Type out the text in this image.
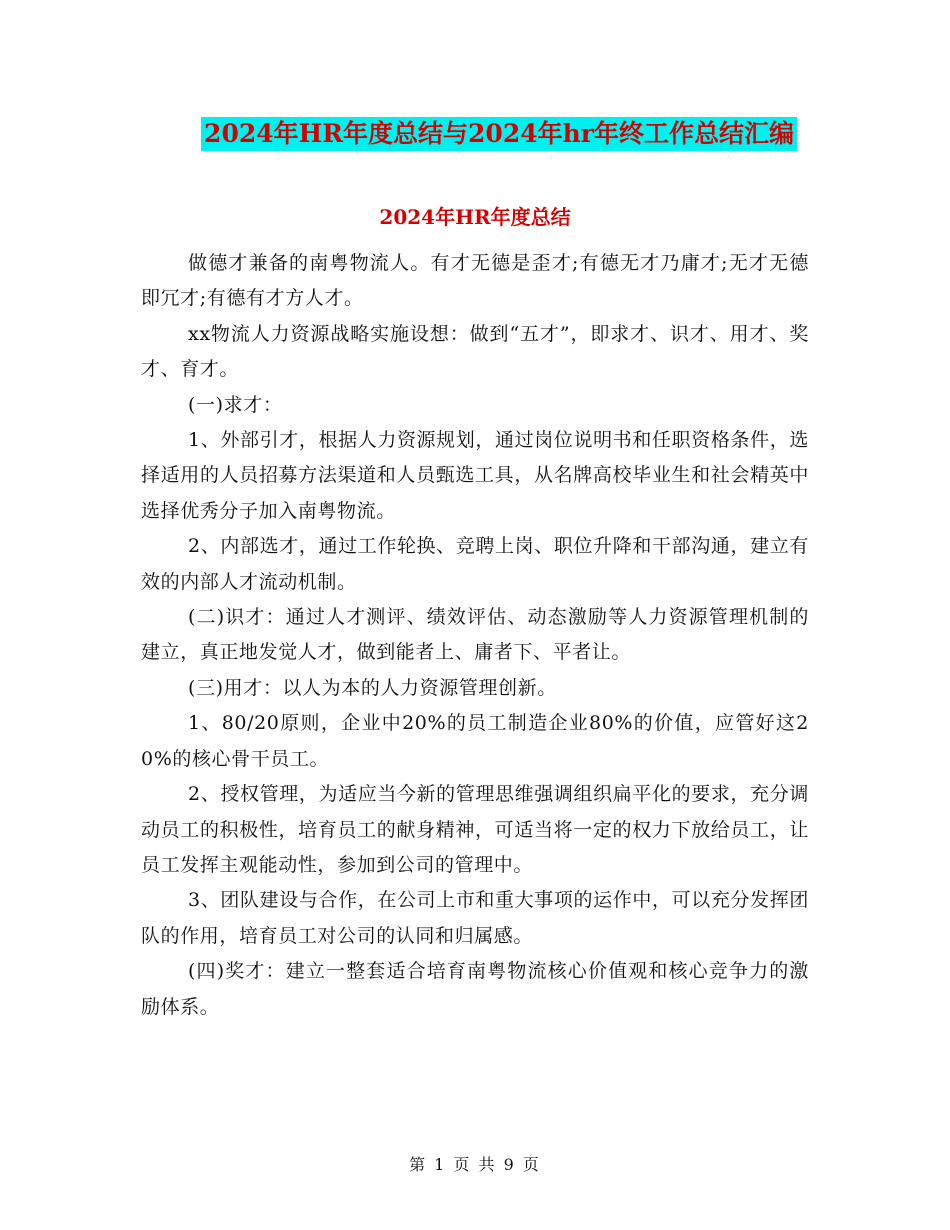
2024年HR年度总结与2024年hr年终工作总结汇编
2024年HR年度总结

做德才兼备的南粤物流人。有才无德是歪才;有德无才乃庸才;无才无德即冗才;有德有才方人才。

xx物流人力资源战略实施设想：做到“五才”，即求才、识才、用才、奖才、育才。

(一)求才：

1、外部引才，根据人力资源规划，通过岗位说明书和任职资格条件，选择适用的人员招募方法渠道和人员甄选工具，从名牌高校毕业生和社会精英中选择优秀分子加入南粤物流。

2、内部选才，通过工作轮换、竞聘上岗、职位升降和干部沟通，建立有效的内部人才流动机制。

(二)识才：通过人才测评、绩效评估、动态激励等人力资源管理机制的建立，真正地发觉人才，做到能者上、庸者下、平者让。

(三)用才：以人为本的人力资源管理创新。

1、80/20原则，企业中20%的员工制造企业80%的价值，应管好这20%的核心骨干员工。

2、授权管理，为适应当今新的管理思维强调组织扁平化的要求，充分调动员工的积极性，培育员工的献身精神，可适当将一定的权力下放给员工，让员工发挥主观能动性，参加到公司的管理中。

3、团队建设与合作，在公司上市和重大事项的运作中，可以充分发挥团队的作用，培育员工对公司的认同和归属感。

(四)奖才：建立一整套适合培育南粤物流核心价值观和核心竞争力的激励体系。

第 1 页 共 9 页
